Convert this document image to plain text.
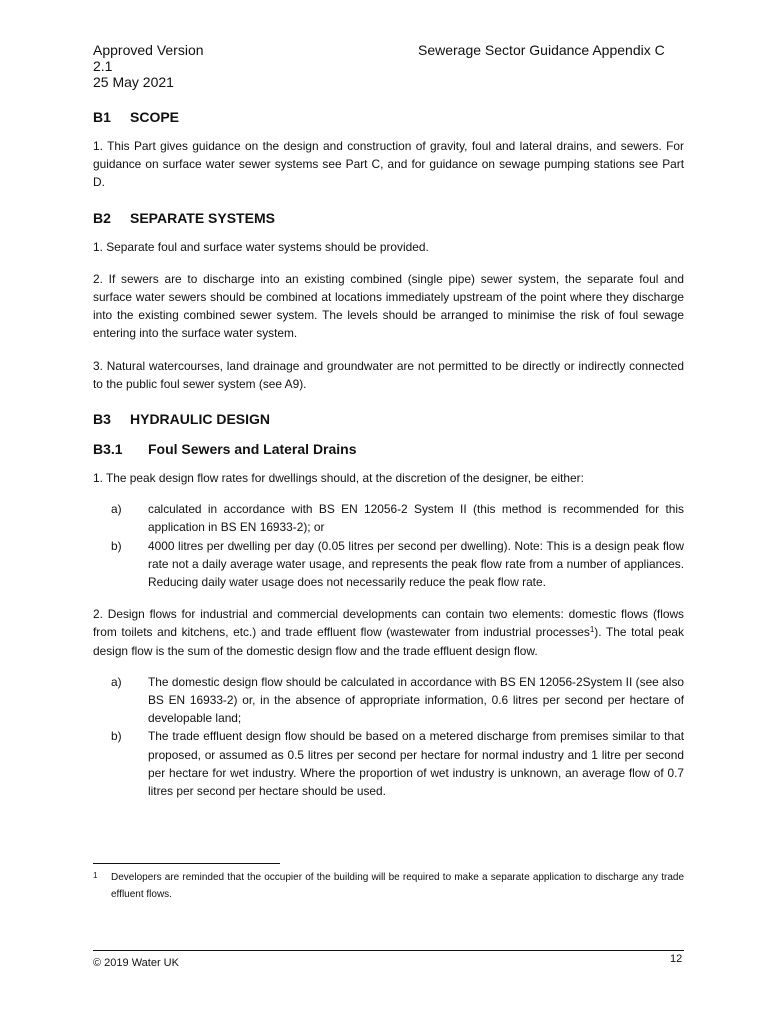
Approved Version
2.1
25 May 2021
Sewerage Sector Guidance Appendix C
B1	SCOPE

1. This Part gives guidance on the design and construction of gravity, foul and lateral drains, and sewers. For guidance on surface water sewer systems see Part C, and for guidance on sewage pumping stations see Part D.

B2	SEPARATE SYSTEMS

1. Separate foul and surface water systems should be provided.

2. If sewers are to discharge into an existing combined (single pipe) sewer system, the separate foul and surface water sewers should be combined at locations immediately upstream of the point where they discharge into the existing combined sewer system. The levels should be arranged to minimise the risk of foul sewage entering into the surface water system.

3. Natural watercourses, land drainage and groundwater are not permitted to be directly or indirectly connected to the public foul sewer system (see A9).

B3	HYDRAULIC DESIGN
B3.1	Foul Sewers and Lateral Drains

1. The peak design flow rates for dwellings should, at the discretion of the designer, be either:

a)	calculated in accordance with BS EN 12056-2 System II (this method is recommended for this application in BS EN 16933-2); or
b)	4000 litres per dwelling per day (0.05 litres per second per dwelling). Note: This is a design peak flow rate not a daily average water usage, and represents the peak flow rate from a number of appliances. Reducing daily water usage does not necessarily reduce the peak flow rate.

2. Design flows for industrial and commercial developments can contain two elements: domestic flows (flows from toilets and kitchens, etc.) and trade effluent flow (wastewater from industrial processes$^1$). The total peak design flow is the sum of the domestic design flow and the trade effluent design flow.

a)	The domestic design flow should be calculated in accordance with BS EN 12056-2System II (see also BS EN 16933-2) or, in the absence of appropriate information, 0.6 litres per second per hectare of developable land;
b)	The trade effluent design flow should be based on a metered discharge from premises similar to that proposed, or assumed as 0.5 litres per second per hectare for normal industry and 1 litre per second per hectare for wet industry. Where the proportion of wet industry is unknown, an average flow of 0.7 litres per second per hectare should be used.
1	Developers are reminded that the occupier of the building will be required to make a separate application to discharge any trade effluent flows.
© 2019 Water UK	12
